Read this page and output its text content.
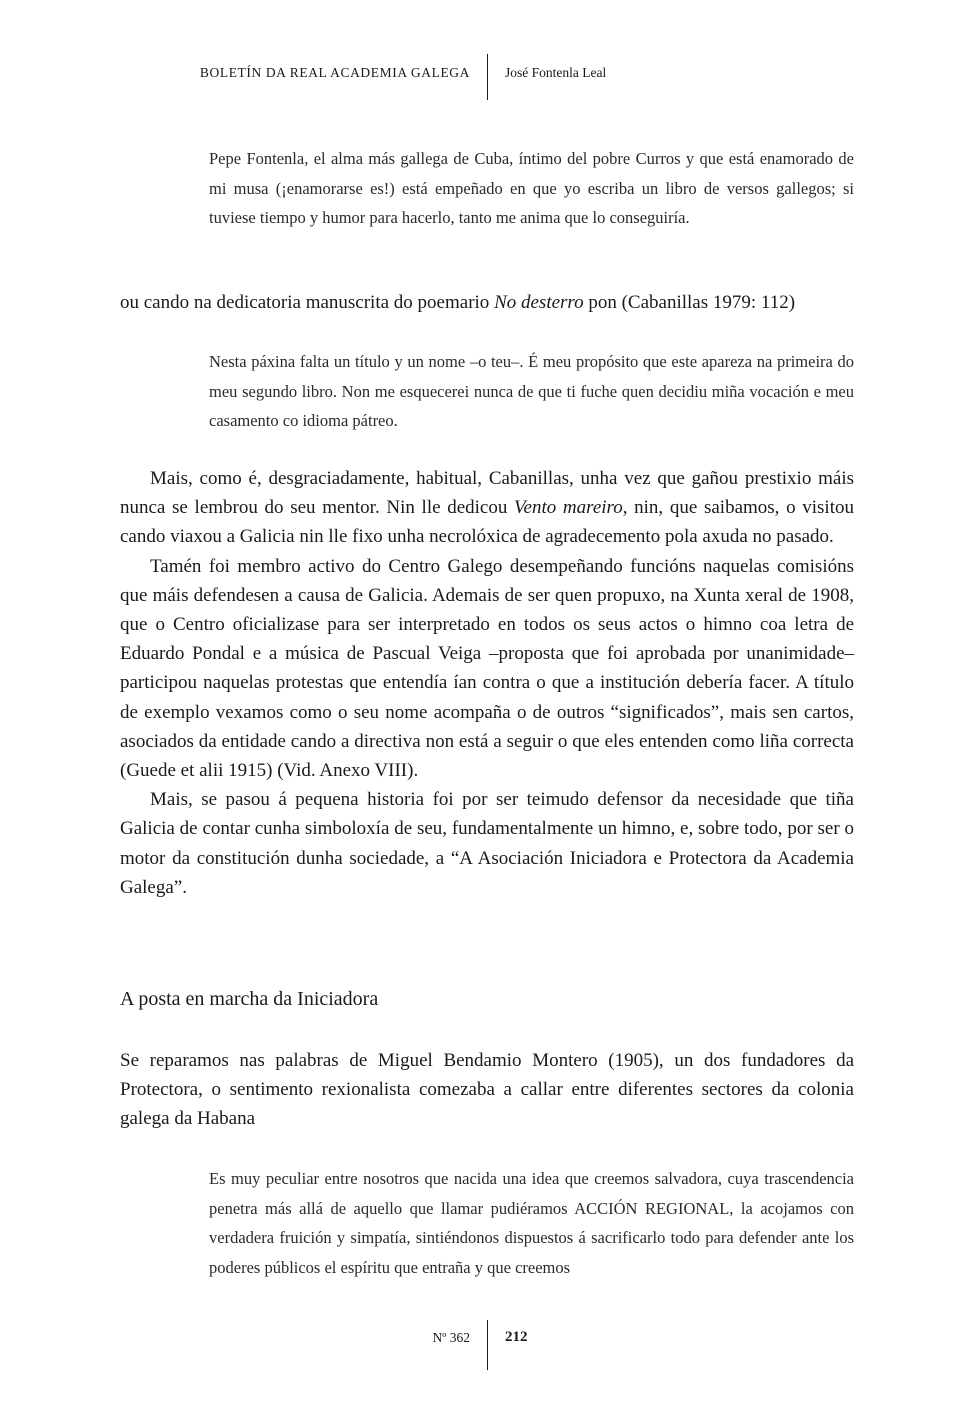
BOLETÍN DA REAL ACADEMIA GALEGA	José Fontenla Leal
Pepe Fontenla, el alma más gallega de Cuba, íntimo del pobre Curros y que está enamorado de mi musa (¡enamorarse es!) está empeñado en que yo escriba un libro de versos gallegos; si tuviese tiempo y humor para hacerlo, tanto me anima que lo conseguiría.

ou cando na dedicatoria manuscrita do poemario No desterro pon (Cabanillas 1979: 112)

Nesta páxina falta un título y un nome –o teu–. É meu propósito que este apareza na primeira do meu segundo libro. Non me esquecerei nunca de que ti fuche quen decidiu miña vocación e meu casamento co idioma pátreo.

Mais, como é, desgraciadamente, habitual, Cabanillas, unha vez que gañou prestixio máis nunca se lembrou do seu mentor. Nin lle dedicou Vento mareiro, nin, que saibamos, o visitou cando viaxou a Galicia nin lle fixo unha necrolóxica de agradecemento pola axuda no pasado.

Tamén foi membro activo do Centro Galego desempeñando funcións naquelas comisións que máis defendesen a causa de Galicia. Ademais de ser quen propuxo, na Xunta xeral de 1908, que o Centro oficializase para ser interpretado en todos os seus actos o himno coa letra de Eduardo Pondal e a música de Pascual Veiga –proposta que foi aprobada por unanimidade– participou naquelas protestas que entendía ían contra o que a institución debería facer. A título de exemplo vexamos como o seu nome acompaña o de outros “significados”, mais sen cartos, asociados da entidade cando a directiva non está a seguir o que eles entenden como liña correcta (Guede et alii 1915) (Vid. Anexo VIII).

Mais, se pasou á pequena historia foi por ser teimudo defensor da necesidade que tiña Galicia de contar cunha simboloxía de seu, fundamentalmente un himno, e, sobre todo, por ser o motor da constitución dunha sociedade, a “A Asociación Iniciadora e Protectora da Academia Galega”.

A posta en marcha da Iniciadora

Se reparamos nas palabras de Miguel Bendamio Montero (1905), un dos fundadores da Protectora, o sentimento rexionalista comezaba a callar entre diferentes sectores da colonia galega da Habana

Es muy peculiar entre nosotros que nacida una idea que creemos salvadora, cuya trascendencia penetra más allá de aquello que llamar pudiéramos ACCIÓN REGIONAL, la acojamos con verdadera fruición y simpatía, sintiéndonos dispuestos á sacrificarlo todo para defender ante los poderes públicos el espíritu que entraña y que creemos
Nº 362 212
